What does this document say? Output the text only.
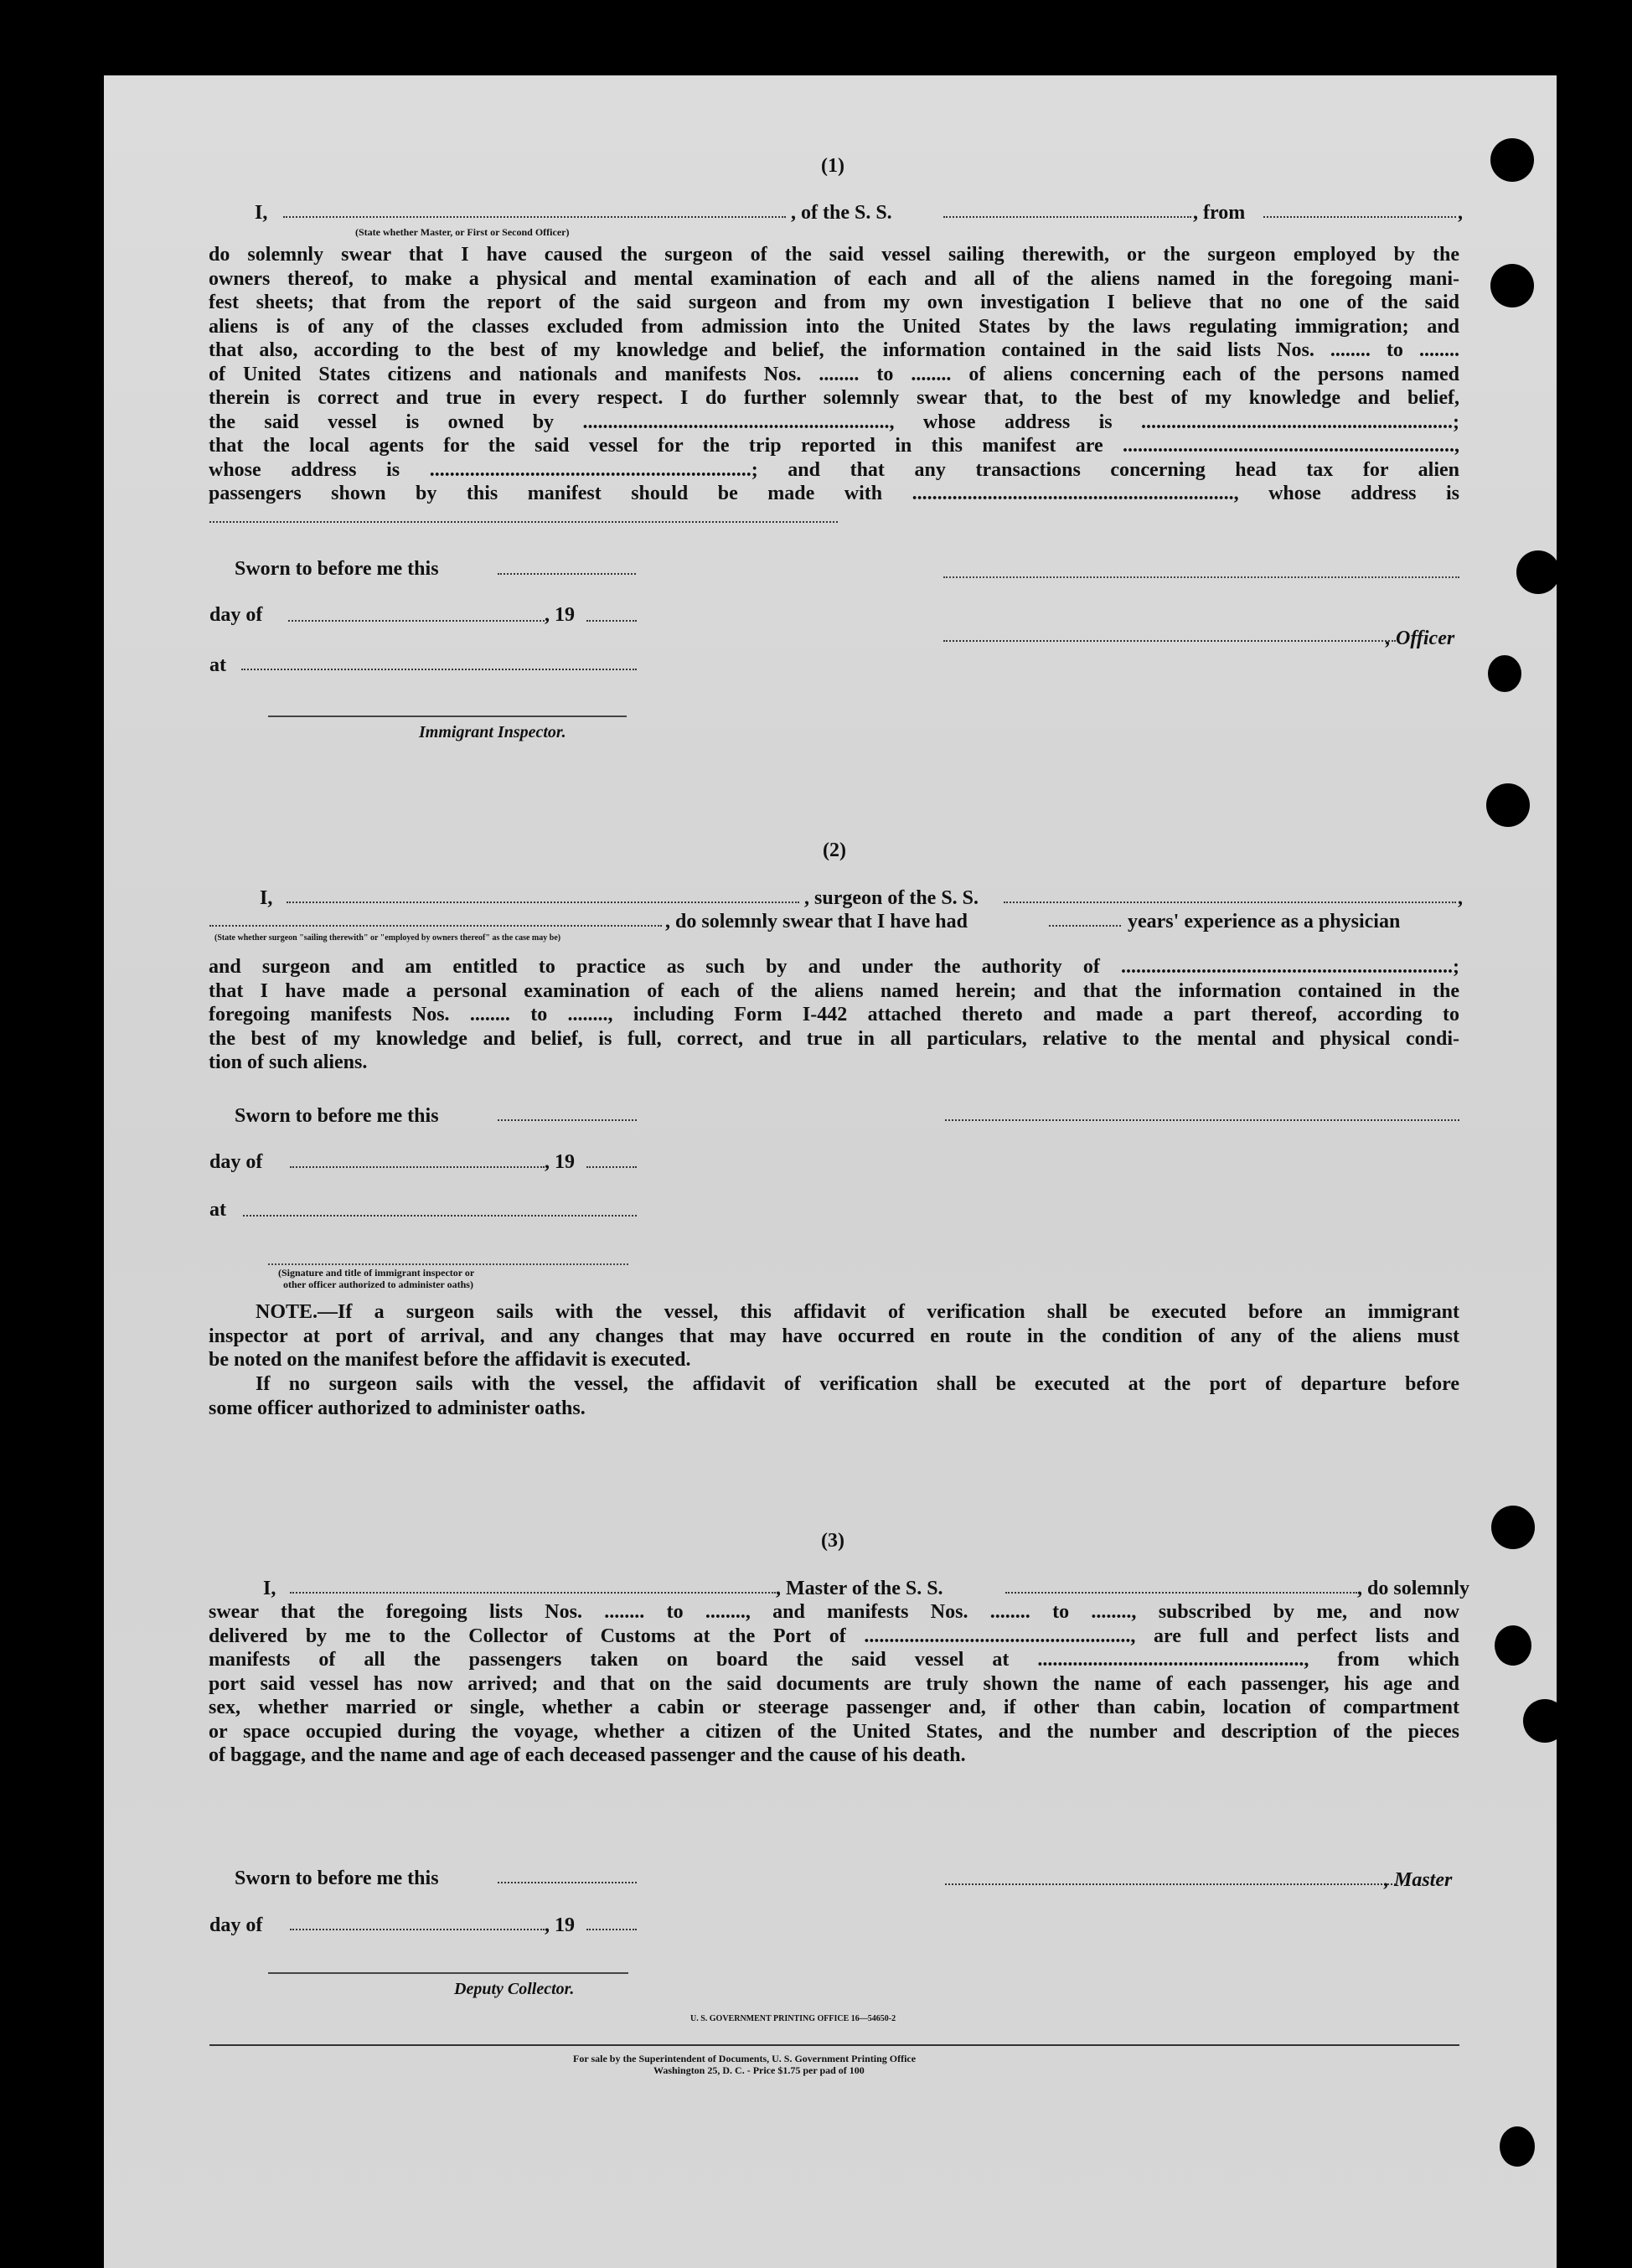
(1)
I,	, of the S. S.	, from	,
(State whether Master, or First or Second Officer)
do solemnly swear that I have caused the surgeon of the said vessel sailing therewith, or the surgeon employed by the
owners thereof, to make a physical and mental examination of each and all of the aliens named in the foregoing mani-
fest sheets; that from the report of the said surgeon and from my own investigation I believe that no one of the said
aliens is of any of the classes excluded from admission into the United States by the laws regulating immigration; and
that also, according to the best of my knowledge and belief, the information contained in the said lists Nos. ........ to ........
of United States citizens and nationals and manifests Nos. ........ to ........ of aliens concerning each of the persons named
therein is correct and true in every respect. I do further solemnly swear that, to the best of my knowledge and belief,
the said vessel is owned by ............................................................., whose address is ..............................................................;
that the local agents for the said vessel for the trip reported in this manifest are ..................................................................,
whose address is ................................................................; and that any transactions concerning head tax for alien
passengers shown by this manifest should be made with ................................................................, whose address is
Sworn to before me this
day of	, 19
, Officer
at
Immigrant Inspector.
(2)
I,	, surgeon of the S. S.	,
, do solemnly swear that I have had	years' experience as a physician
(State whether surgeon "sailing therewith" or "employed by owners thereof" as the case may be)
and surgeon and am entitled to practice as such by and under the authority of ..................................................................;
that I have made a personal examination of each of the aliens named herein; and that the information contained in the
foregoing manifests Nos. ........ to ........, including Form I-442 attached thereto and made a part thereof, according to
the best of my knowledge and belief, is full, correct, and true in all particulars, relative to the mental and physical condi-
tion of such aliens.
Sworn to before me this
day of	, 19
at
(Signature and title of immigrant inspector or
other officer authorized to administer oaths)
NOTE.—If a surgeon sails with the vessel, this affidavit of verification shall be executed before an immigrant
inspector at port of arrival, and any changes that may have occurred en route in the condition of any of the aliens must
be noted on the manifest before the affidavit is executed.
If no surgeon sails with the vessel, the affidavit of verification shall be executed at the port of departure before
some officer authorized to administer oaths.
(3)
I,	, Master of the S. S.	, do solemnly
swear that the foregoing lists Nos. ........ to ........, and manifests Nos. ........ to ........, subscribed by me, and now
delivered by me to the Collector of Customs at the Port of ....................................................., are full and perfect lists and
manifests of all the passengers taken on board the said vessel at ....................................................., from which
port said vessel has now arrived; and that on the said documents are truly shown the name of each passenger, his age and
sex, whether married or single, whether a cabin or steerage passenger and, if other than cabin, location of compartment
or space occupied during the voyage, whether a citizen of the United States, and the number and description of the pieces
of baggage, and the name and age of each deceased passenger and the cause of his death.
Sworn to before me this	, Master
day of	, 19
Deputy Collector.
U. S. GOVERNMENT PRINTING OFFICE 16—54650-2
For sale by the Superintendent of Documents, U. S. Government Printing Office
Washington 25, D. C. - Price $1.75 per pad of 100
